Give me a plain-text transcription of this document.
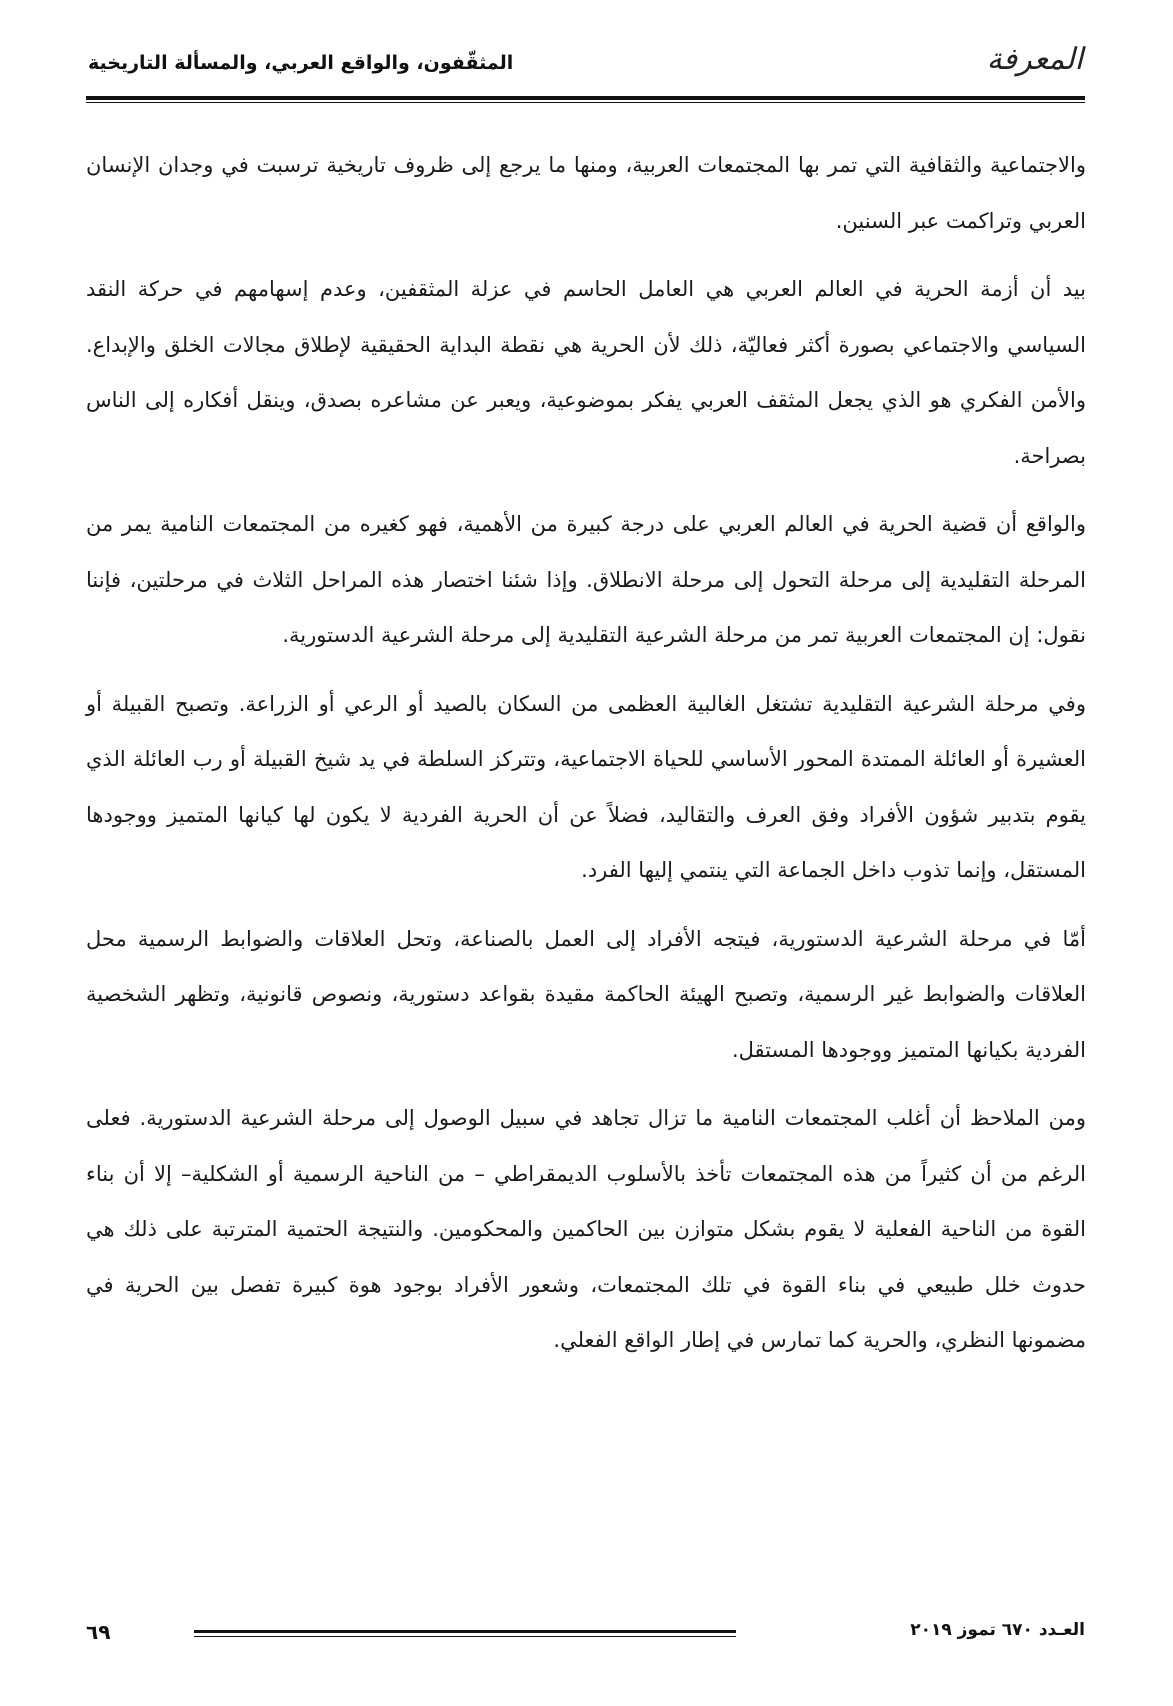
المعرفة
المثقّفون، والواقع العربي، والمسألة التاريخية

والاجتماعية والثقافية التي تمر بها المجتمعات العربية، ومنها ما يرجع إلى ظروف تاريخية ترسبت في وجدان الإنسان العربي وتراكمت عبر السنين.

بيد أن أزمة الحرية في العالم العربي هي العامل الحاسم في عزلة المثقفين، وعدم إسهامهم في حركة النقد السياسي والاجتماعي بصورة أكثر فعاليّة، ذلك لأن الحرية هي نقطة البداية الحقيقية لإطلاق مجالات الخلق والإبداع. والأمن الفكري هو الذي يجعل المثقف العربي يفكر بموضوعية، ويعبر عن مشاعره بصدق، وينقل أفكاره إلى الناس بصراحة.

والواقع أن قضية الحرية في العالم العربي على درجة كبيرة من الأهمية، فهو كغيره من المجتمعات النامية يمر من المرحلة التقليدية إلى مرحلة التحول إلى مرحلة الانطلاق. وإذا شئنا اختصار هذه المراحل الثلاث في مرحلتين، فإننا نقول: إن المجتمعات العربية تمر من مرحلة الشرعية التقليدية إلى مرحلة الشرعية الدستورية.

وفي مرحلة الشرعية التقليدية تشتغل الغالبية العظمى من السكان بالصيد أو الرعي أو الزراعة. وتصبح القبيلة أو العشيرة أو العائلة الممتدة المحور الأساسي للحياة الاجتماعية، وتتركز السلطة في يد شيخ القبيلة أو رب العائلة الذي يقوم بتدبير شؤون الأفراد وفق العرف والتقاليد، فضلاً عن أن الحرية الفردية لا يكون لها كيانها المتميز ووجودها المستقل، وإنما تذوب داخل الجماعة التي ينتمي إليها الفرد.

أمّا في مرحلة الشرعية الدستورية، فيتجه الأفراد إلى العمل بالصناعة، وتحل العلاقات والضوابط الرسمية محل العلاقات والضوابط غير الرسمية، وتصبح الهيئة الحاكمة مقيدة بقواعد دستورية، ونصوص قانونية، وتظهر الشخصية الفردية بكيانها المتميز ووجودها المستقل.

ومن الملاحظ أن أغلب المجتمعات النامية ما تزال تجاهد في سبيل الوصول إلى مرحلة الشرعية الدستورية. فعلى الرغم من أن كثيراً من هذه المجتمعات تأخذ بالأسلوب الديمقراطي – من الناحية الرسمية أو الشكلية– إلا أن بناء القوة من الناحية الفعلية لا يقوم بشكل متوازن بين الحاكمين والمحكومين. والنتيجة الحتمية المترتبة على ذلك هي حدوث خلل طبيعي في بناء القوة في تلك المجتمعات، وشعور الأفراد بوجود هوة كبيرة تفصل بين الحرية في مضمونها النظري، والحرية كما تمارس في إطار الواقع الفعلي.

٦٩	العـدد ٦٧٠ تموز ٢٠١٩
